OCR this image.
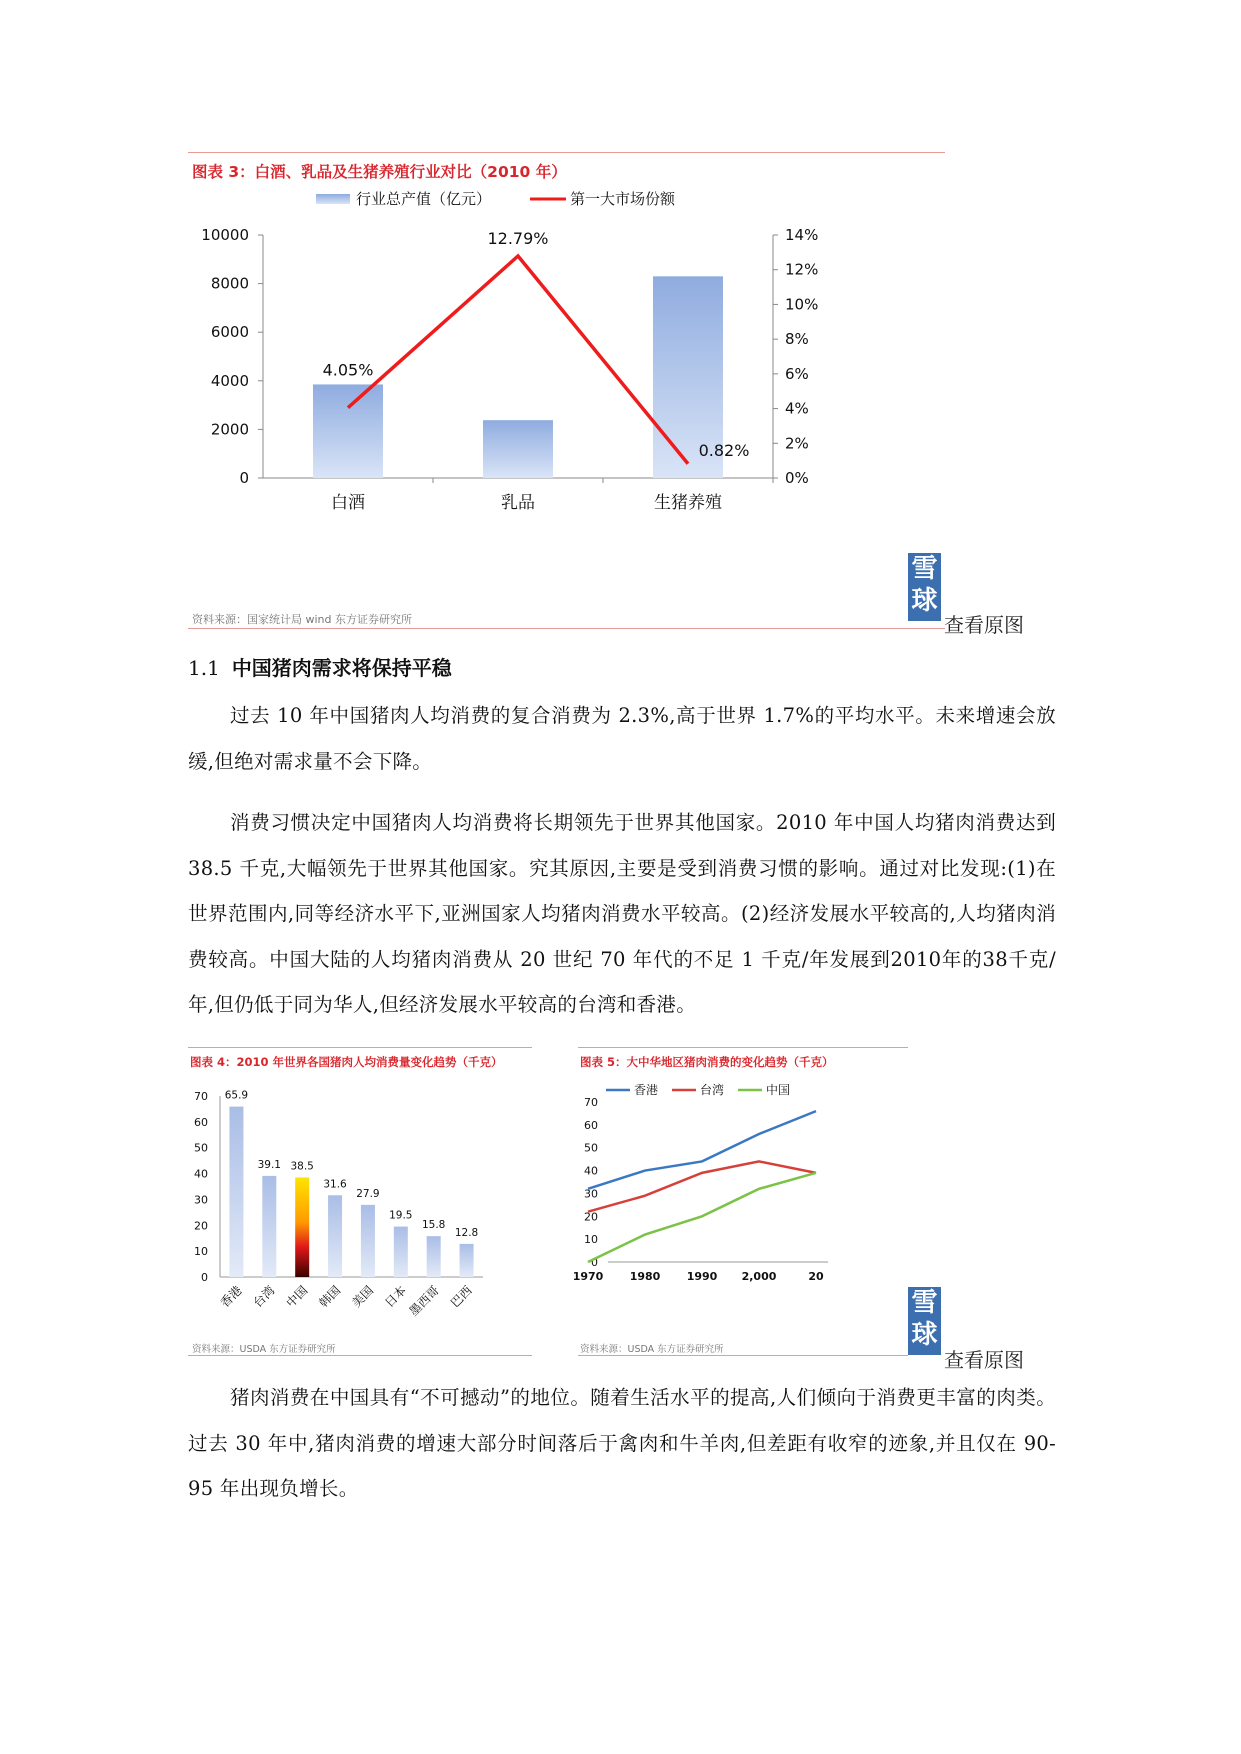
图表 3：白酒、乳品及生猪养殖行业对比（2010 年）
行业总产值（亿元）	第一大市场份额
0
2000
4000
6000
8000
10000
0%
2%
4%
6%
8%
10%
12%
14%
白酒	乳品	生猪养殖
4.05%
12.79%
0.82%
资料来源：国家统计局 wind 东方证券研究所
雪
球
查看原图
1.1 中国猪肉需求将保持平稳

过去 10 年中国猪肉人均消费的复合消费为 2.3%,高于世界 1.7%的平均水平。未来增速会放缓,但绝对需求量不会下降。

消费习惯决定中国猪肉人均消费将长期领先于世界其他国家。2010 年中国人均猪肉消费达到 38.5 千克,大幅领先于世界其他国家。究其原因,主要是受到消费习惯的影响。通过对比发现:(1)在世界范围内,同等经济水平下,亚洲国家人均猪肉消费水平较高。(2)经济发展水平较高的,人均猪肉消费较高。中国大陆的人均猪肉消费从 20 世纪 70 年代的不足 1 千克/年发展到2010年的38千克/年,但仍低于同为华人,但经济发展水平较高的台湾和香港。

图表 4：2010 年世界各国猪肉人均消费量变化趋势（千克）
0
10
20
30
40
50
60
70
香港 台湾 中国 韩国 美国 日本
墨西哥 巴西
65.9
39.1 38.5
31.6
27.9
19.5
15.8
12.8
资料来源：USDA 东方证券研究所
图表 5：大中华地区猪肉消费的变化趋势（千克）
香港	台湾	中国
0
10
20
30
40
50
60
70
1970 1980 1990 2,000	20
资料来源：USDA 东方证券研究所
雪
球
查看原图

猪肉消费在中国具有“不可撼动”的地位。随着生活水平的提高,人们倾向于消费更丰富的肉类。过去 30 年中,猪肉消费的增速大部分时间落后于禽肉和牛羊肉,但差距有收窄的迹象,并且仅在 90-95 年出现负增长。
